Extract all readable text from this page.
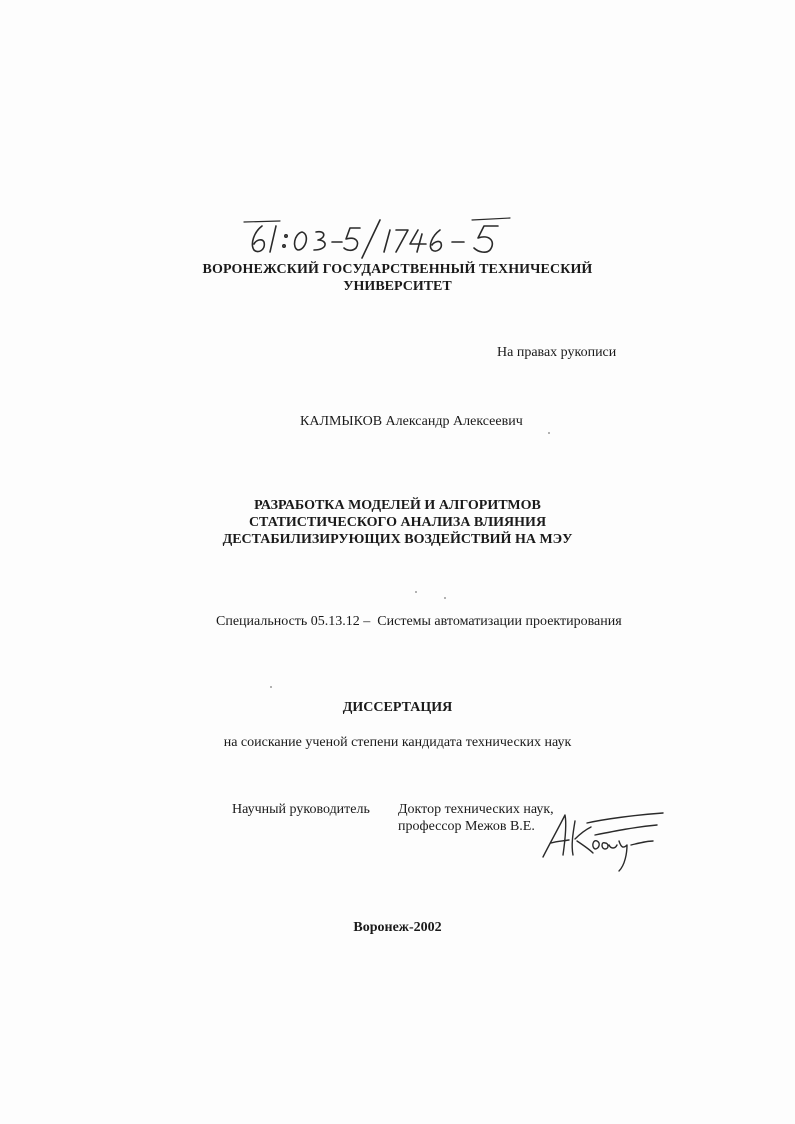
ВОРОНЕЖСКИЙ ГОСУДАРСТВЕННЫЙ ТЕХНИЧЕСКИЙ
УНИВЕРСИТЕТ
На правах рукописи
КАЛМЫКОВ Александр Алексеевич
РАЗРАБОТКА МОДЕЛЕЙ И АЛГОРИТМОВ
СТАТИСТИЧЕСКОГО АНАЛИЗА ВЛИЯНИЯ
ДЕСТАБИЛИЗИРУЮЩИХ ВОЗДЕЙСТВИЙ НА МЭУ
Специальность 05.13.12 –  Системы автоматизации проектирования
ДИССЕРТАЦИЯ
на соискание ученой степени кандидата технических наук
Научный руководитель Доктор технических наук,
профессор Межов В.Е.
Воронеж-2002
